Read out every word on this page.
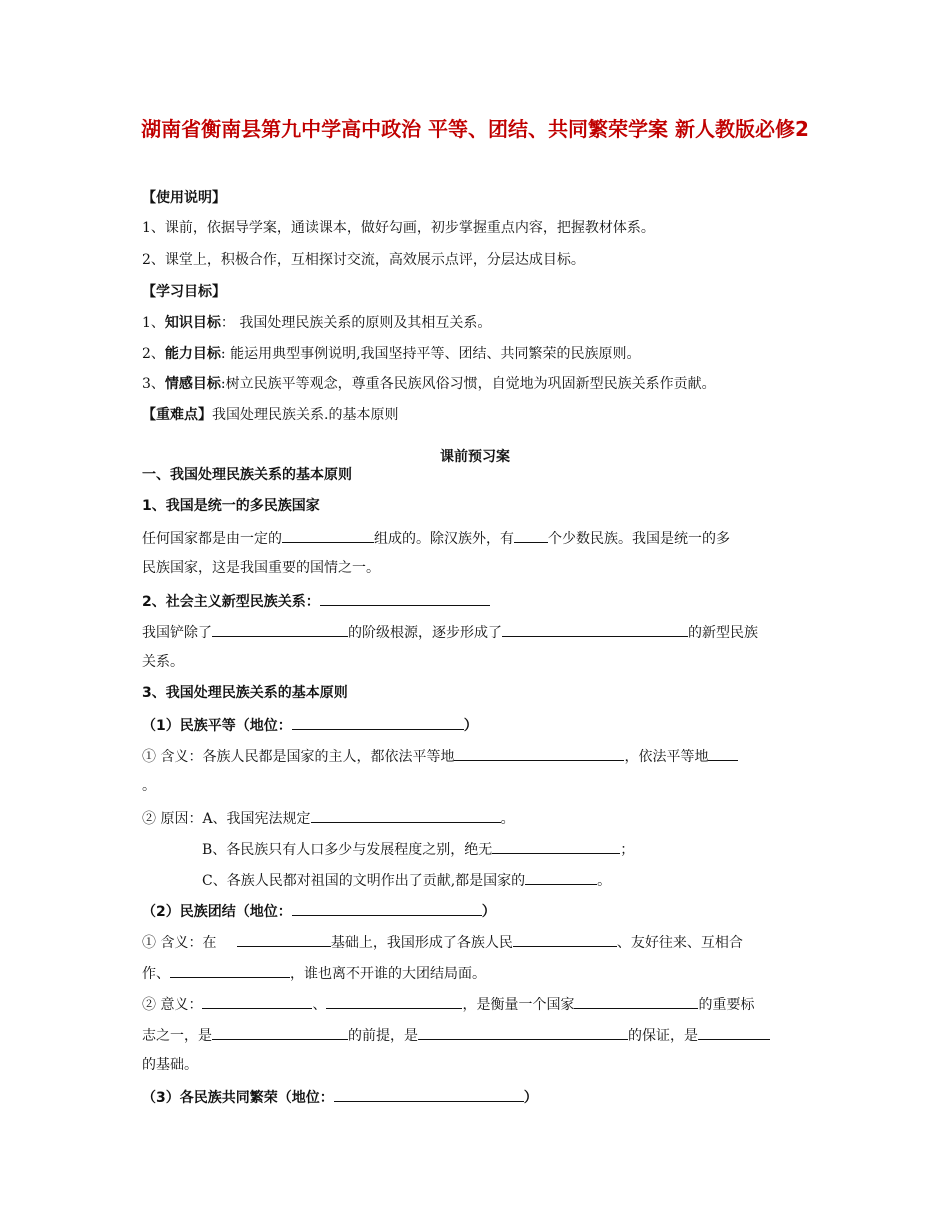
湖南省衡南县第九中学高中政治 平等、团结、共同繁荣学案 新人教版必修2
【使用说明】
1、课前，依据导学案，通读课本，做好勾画，初步掌握重点内容，把握教材体系。
2、课堂上，积极合作，互相探讨交流，高效展示点评，分层达成目标。
【学习目标】
1、知识目标： 我国处理民族关系的原则及其相互关系。
2、能力目标: 能运用典型事例说明,我国坚持平等、团结、共同繁荣的民族原则。
3、情感目标:树立民族平等观念，尊重各民族风俗习惯，自觉地为巩固新型民族关系作贡献。
【重难点】我国处理民族关系.的基本原则
课前预习案
一、我国处理民族关系的基本原则
1、我国是统一的多民族国家
任何国家都是由一定的	组成的。除汉族外，有 个少数民族。我国是统一的多
民族国家，这是我国重要的国情之一。
2、社会主义新型民族关系：
我国铲除了	的阶级根源，逐步形成了	的新型民族
关系。
3、我国处理民族关系的基本原则
（1）民族平等（地位：	）
① 含义：各族人民都是国家的主人，都依法平等地	，依法平等地
。
② 原因：A、我国宪法规定	。
B、各民族只有人口多少与发展程度之别，绝无	；
C、各族人民都对祖国的文明作出了贡献,都是国家的	。
（2）民族团结（地位：	）
① 含义：在	基础上，我国形成了各族人民	、友好往来、互相合
作、	，谁也离不开谁的大团结局面。
② 意义：	、	，是衡量一个国家	的重要标
志之一，是	的前提，是	的保证，是
的基础。
（3）各民族共同繁荣（地位：	）
